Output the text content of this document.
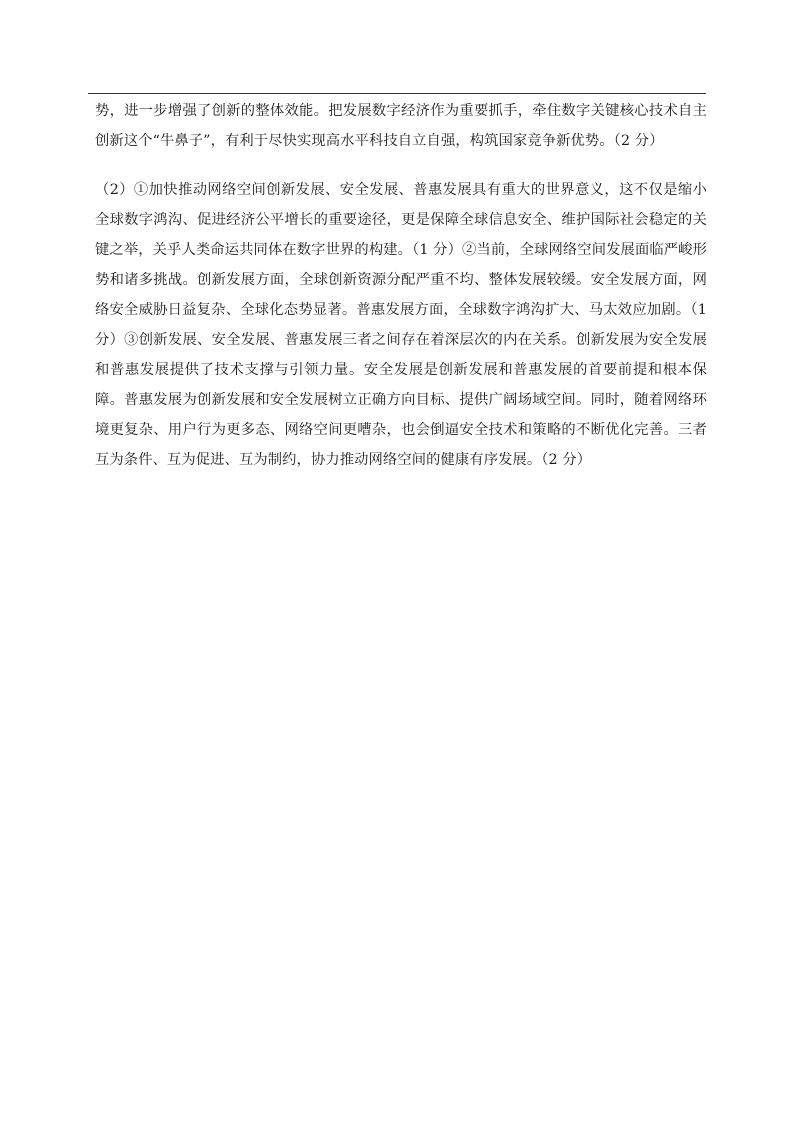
势，进一步增强了创新的整体效能。把发展数字经济作为重要抓手，牵住数字关键核心技术自主创新这个“牛鼻子”，有利于尽快实现高水平科技自立自强，构筑国家竞争新优势。（2 分）

（2）①加快推动网络空间创新发展、安全发展、普惠发展具有重大的世界意义，这不仅是缩小全球数字鸿沟、促进经济公平增长的重要途径，更是保障全球信息安全、维护国际社会稳定的关键之举，关乎人类命运共同体在数字世界的构建。（1 分）②当前，全球网络空间发展面临严峻形势和诸多挑战。创新发展方面，全球创新资源分配严重不均、整体发展较缓。安全发展方面，网络安全威胁日益复杂、全球化态势显著。普惠发展方面，全球数字鸿沟扩大、马太效应加剧。（1 分）③创新发展、安全发展、普惠发展三者之间存在着深层次的内在关系。创新发展为安全发展和普惠发展提供了技术支撑与引领力量。安全发展是创新发展和普惠发展的首要前提和根本保障。普惠发展为创新发展和安全发展树立正确方向目标、提供广阔场域空间。同时，随着网络环境更复杂、用户行为更多态、网络空间更嘈杂，也会倒逼安全技术和策略的不断优化完善。三者互为条件、互为促进、互为制约，协力推动网络空间的健康有序发展。（2 分）
